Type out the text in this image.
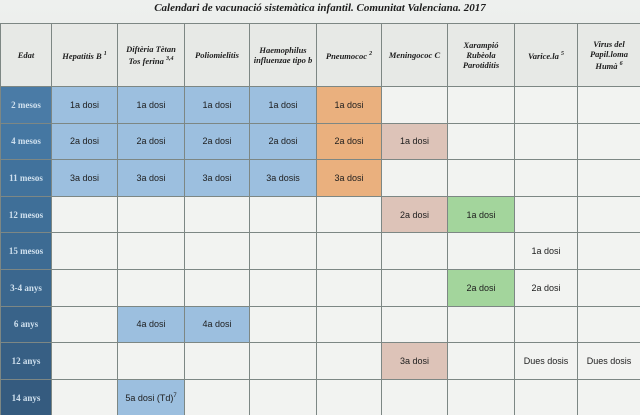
Calendari de vacunació sistemàtica infantil. Comunitat Valenciana. 2017
Edat	Hepatitis B $^1$	Diftèria Tètan Tos ferina $^{3,4}$	Poliomielitis	Haemophilus influenzae tipo b	Pneumococ $^2$	Meningococ C	Xarampió Rubèola Parotiditis	Varice.la $^5$	Virus del Papil.loma Humà $^6$
2 mesos	1a dosi	1a dosi	1a dosi	1a dosi	1a dosi				
4 mesos	2a dosi	2a dosi	2a dosi	2a dosi	2a dosi	1a dosi			
11 mesos	3a dosi	3a dosi	3a dosi	3a dosis	3a dosi				
12 mesos						2a dosi	1a dosi		
15 mesos								1a dosi	
3-4 anys							2a dosi	2a dosi	
6 anys		4a dosi	4a dosi						
12 anys						3a dosi		Dues dosis	Dues dosis
14 anys		5a dosi $(Td)^7$							
